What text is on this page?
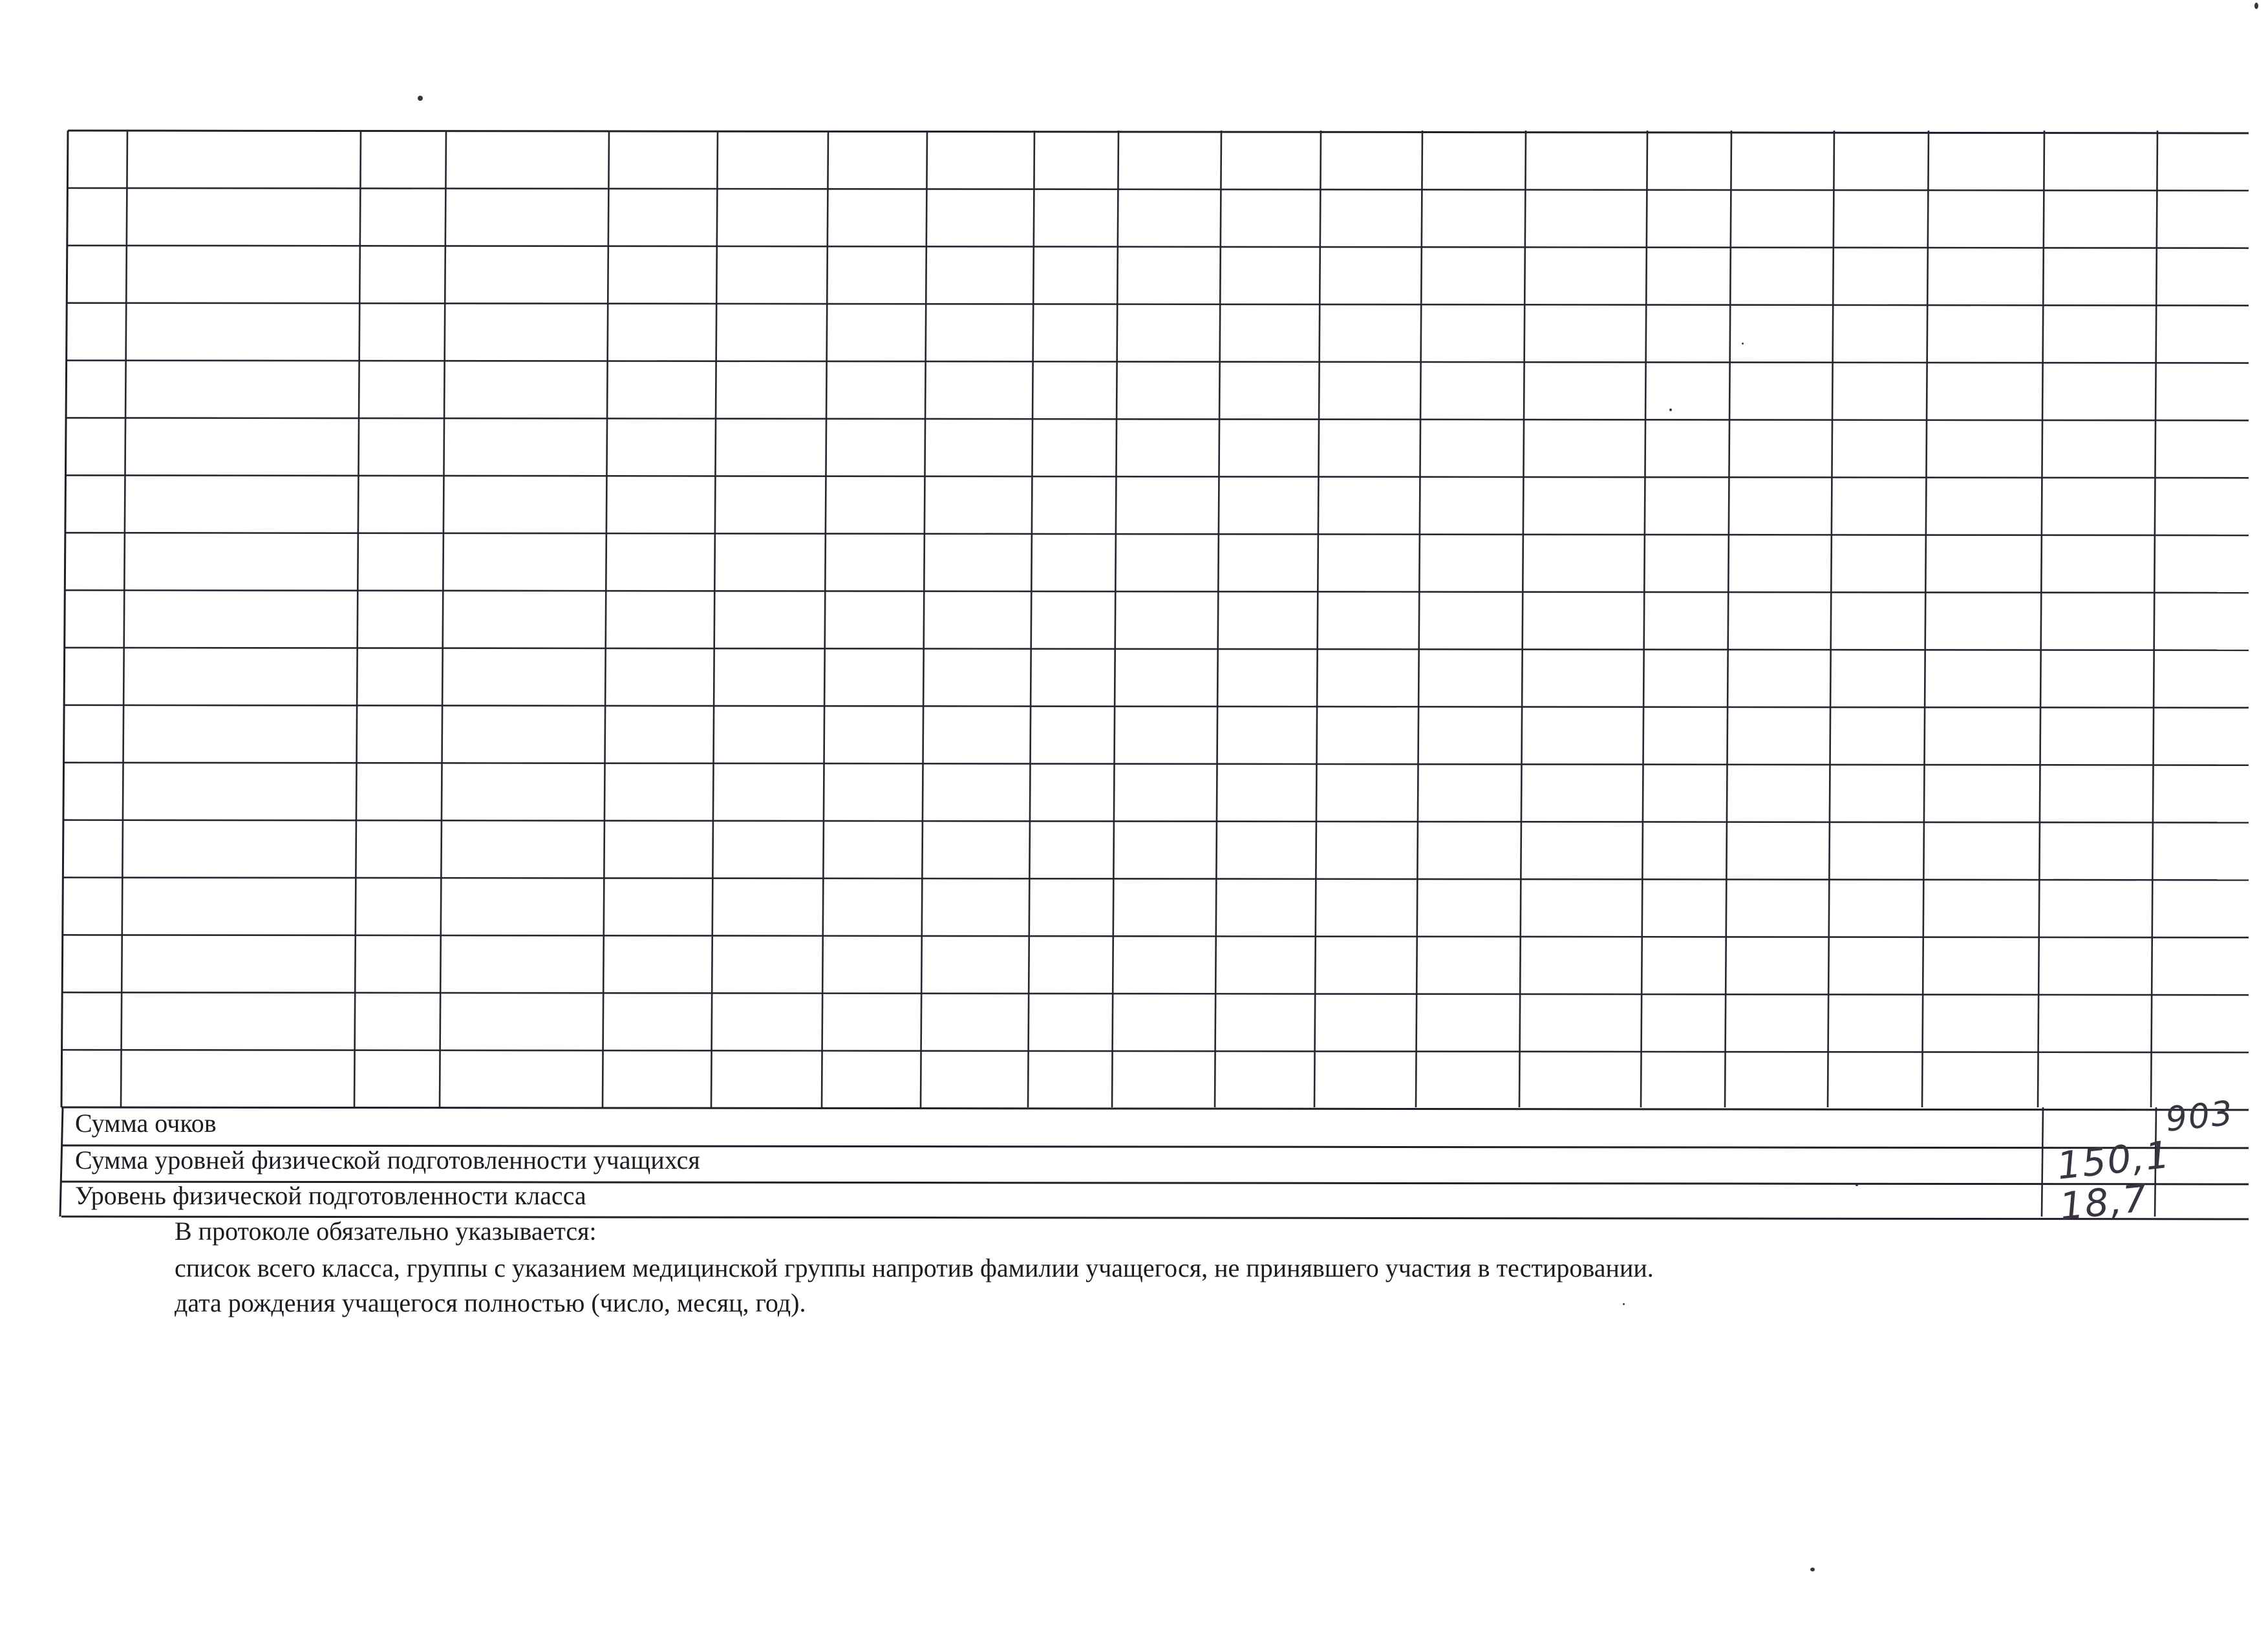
Сумма очков
Сумма уровней физической подготовленности учащихся
Уровень физической подготовленности класса
903
150,1
18,7
В протоколе обязательно указывается:
список всего класса, группы с указанием медицинской группы напротив фамилии учащегося, не принявшего участия в тестировании.
дата рождения учащегося полностью (число, месяц, год).
